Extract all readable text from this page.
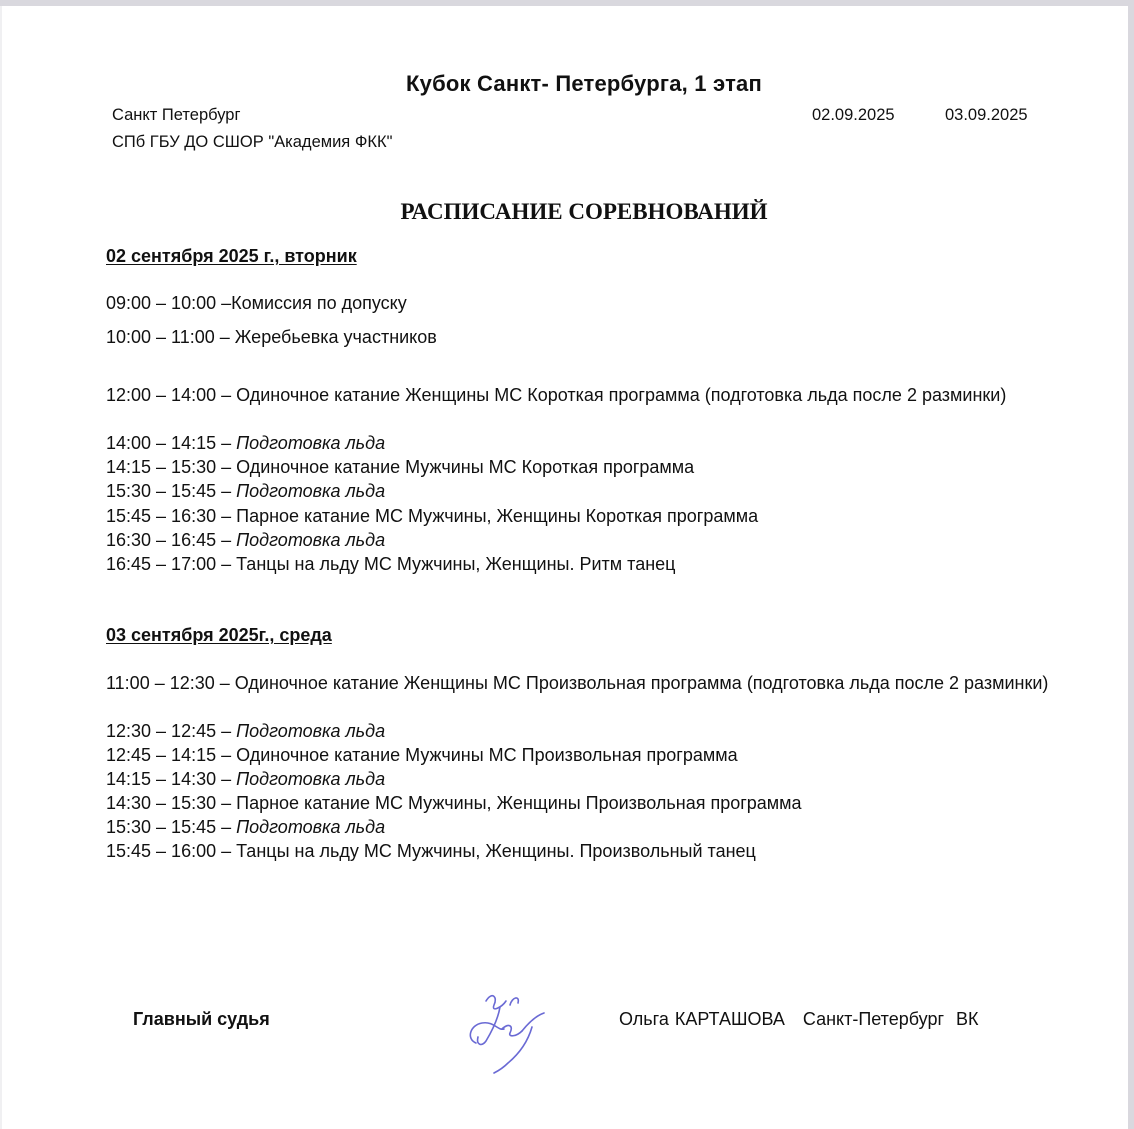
Кубок Санкт- Петербурга, 1 этап
Санкт Петербург
СПб ГБУ ДО СШОР "Академия ФКК"
02.09.2025	03.09.2025
РАСПИСАНИЕ СОРЕВНОВАНИЙ
02 сентября 2025 г., вторник
09:00 – 10:00 –Комиссия по допуску
10:00 – 11:00 – Жеребьевка участников
12:00 – 14:00 – Одиночное катание Женщины МС Короткая программа (подготовка льда после 2 разминки)
14:00 – 14:15 – Подготовка льда
14:15 – 15:30 – Одиночное катание Мужчины МС Короткая программа
15:30 – 15:45 – Подготовка льда
15:45 – 16:30 – Парное катание МС Мужчины, Женщины Короткая программа
16:30 – 16:45 – Подготовка льда
16:45 – 17:00 – Танцы на льду МС Мужчины, Женщины. Ритм танец
03 сентября 2025г., среда
11:00 – 12:30 – Одиночное катание Женщины МС Произвольная программа (подготовка льда после 2 разминки)
12:30 – 12:45 – Подготовка льда
12:45 – 14:15 – Одиночное катание Мужчины МС Произвольная программа
14:15 – 14:30 – Подготовка льда
14:30 – 15:30 – Парное катание МС Мужчины, Женщины Произвольная программа
15:30 – 15:45 – Подготовка льда
15:45 – 16:00 – Танцы на льду МС Мужчины, Женщины. Произвольный танец
Главный судья	Ольга КАРТАШОВА   Санкт-Петербург  ВК
